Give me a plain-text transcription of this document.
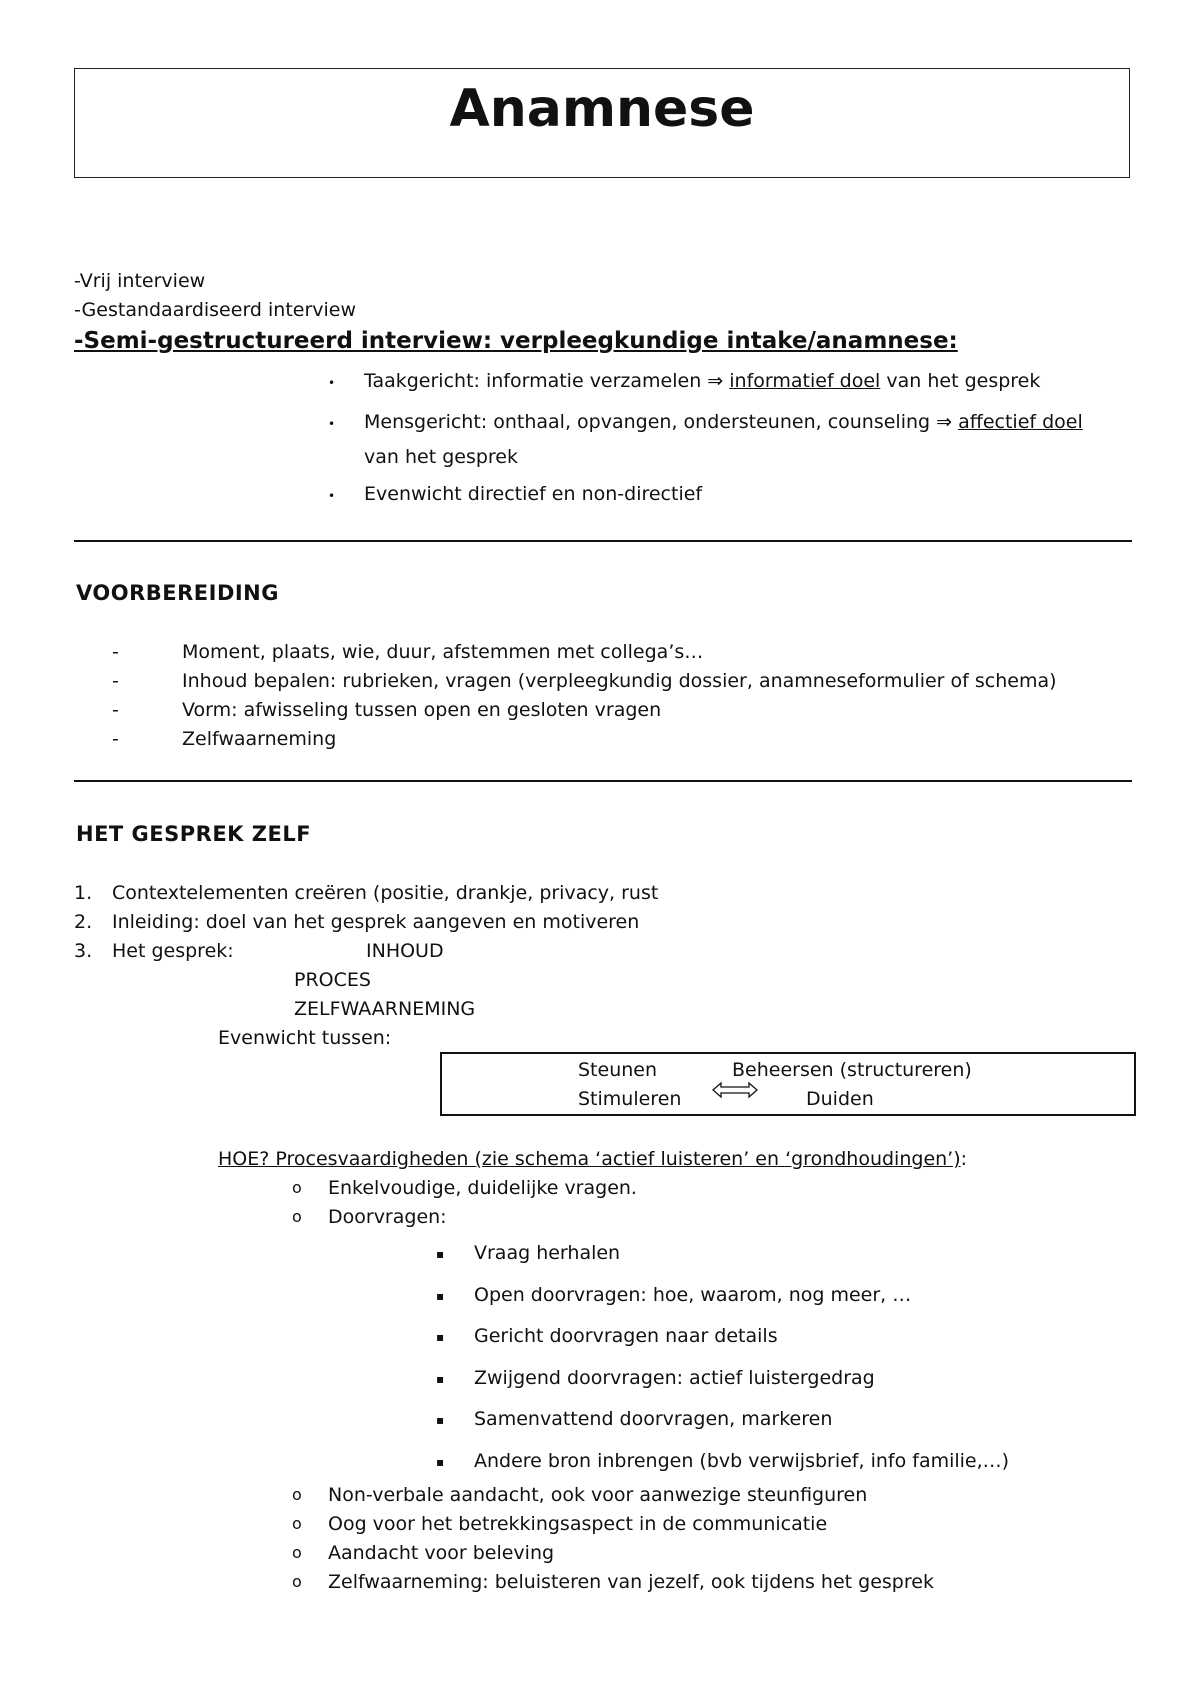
Anamnese
-Vrij interview
-Gestandaardiseerd interview
-Semi-gestructureerd interview: verpleegkundige intake/anamnese:
• Taakgericht: informatie verzamelen ⇒ informatief doel van het gesprek
• Mensgericht: onthaal, opvangen, ondersteunen, counseling ⇒ affectief doel
van het gesprek
• Evenwicht directief en non-directief
VOORBEREIDING
-	Moment, plaats, wie, duur, afstemmen met collega’s…
-	Inhoud bepalen: rubrieken, vragen (verpleegkundig dossier, anamneseformulier of schema)
-	Vorm: afwisseling tussen open en gesloten vragen
-	Zelfwaarneming
HET GESPREK ZELF
1. Contextelementen creëren (positie, drankje, privacy, rust
2. Inleiding: doel van het gesprek aangeven en motiveren
3. Het gesprek:	INHOUD
PROCES
ZELFWAARNEMING
Evenwicht tussen:
Steunen	Beheersen (structureren)
Stimuleren	Duiden
HOE? Procesvaardigheden (zie schema ‘actief luisteren’ en ‘grondhoudingen’):
o Enkelvoudige, duidelijke vragen.
o Doorvragen:
▪ Vraag herhalen
▪ Open doorvragen: hoe, waarom, nog meer, …
▪ Gericht doorvragen naar details
▪ Zwijgend doorvragen: actief luistergedrag
▪ Samenvattend doorvragen, markeren
▪ Andere bron inbrengen (bvb verwijsbrief, info familie,…)
o Non-verbale aandacht, ook voor aanwezige steunfiguren
o Oog voor het betrekkingsaspect in de communicatie
o Aandacht voor beleving
o Zelfwaarneming: beluisteren van jezelf, ook tijdens het gesprek
